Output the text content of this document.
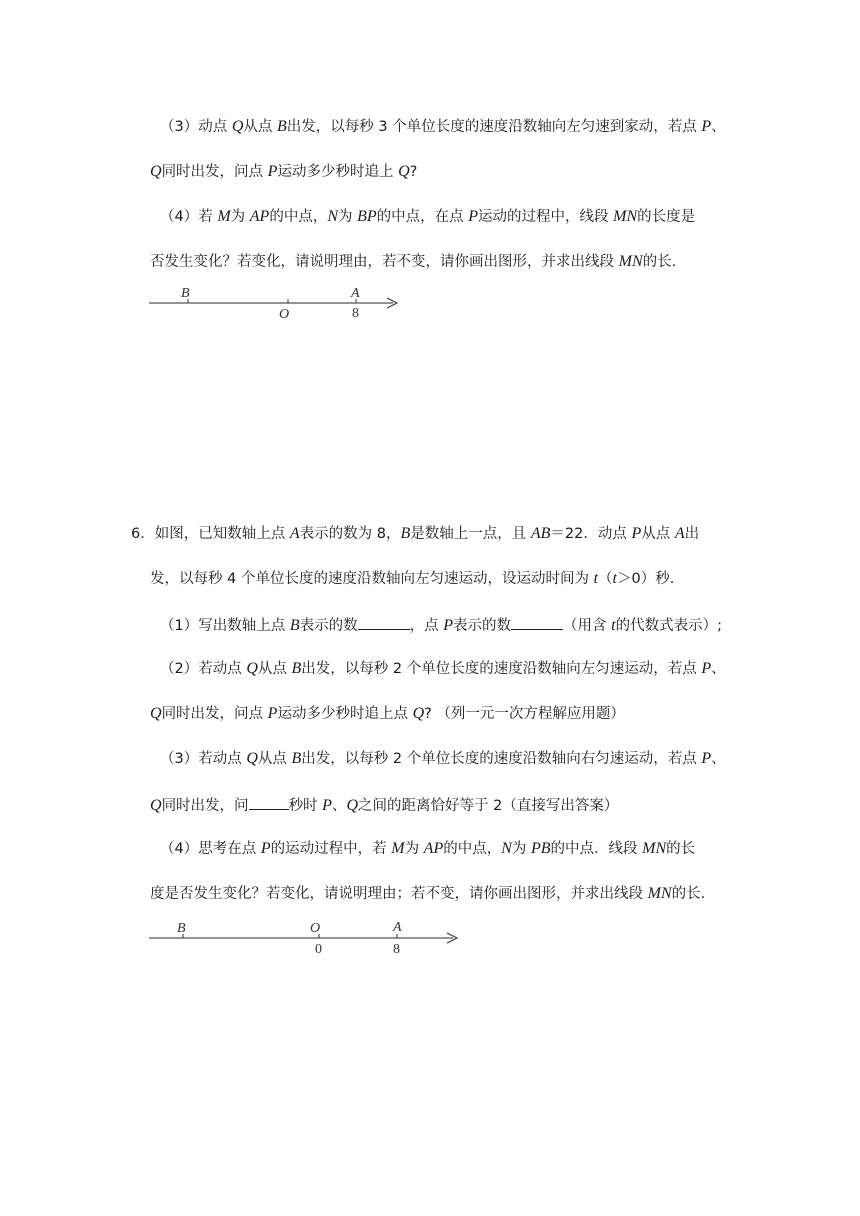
（3）动点 Q从点 B出发，以每秒 3 个单位长度的速度沿数轴向左匀速到家动，若点 P、
Q同时出发，问点 P运动多少秒时追上 Q?
（4）若 M为 AP的中点，N为 BP的中点，在点 P运动的过程中，线段 MN的长度是
否发生变化？若变化，请说明理由，若不变，请你画出图形，并求出线段 MN的长.
B
O
A
8
6．如图，已知数轴上点 A表示的数为 8，B是数轴上一点，且 AB＝22．动点 P从点 A出
发，以每秒 4 个单位长度的速度沿数轴向左匀速运动，设运动时间为 t（t＞0）秒．
（1）写出数轴上点 B表示的数	，点 P表示的数	（用含 t的代数式表示）;
（2）若动点 Q从点 B出发，以每秒 2 个单位长度的速度沿数轴向左匀速运动，若点 P、
Q同时出发，问点 P运动多少秒时追上点 Q? （列一元一次方程解应用题）
（3）若动点 Q从点 B出发，以每秒 2 个单位长度的速度沿数轴向右匀速运动，若点 P、
Q同时出发，问	秒时 P、Q之间的距离恰好等于 2（直接写出答案）
（4）思考在点 P的运动过程中，若 M为 AP的中点，N为 PB的中点．线段 MN的长
度是否发生变化？若变化，请说明理由；若不变，请你画出图形，并求出线段 MN的长.
B	O	A
0	8
